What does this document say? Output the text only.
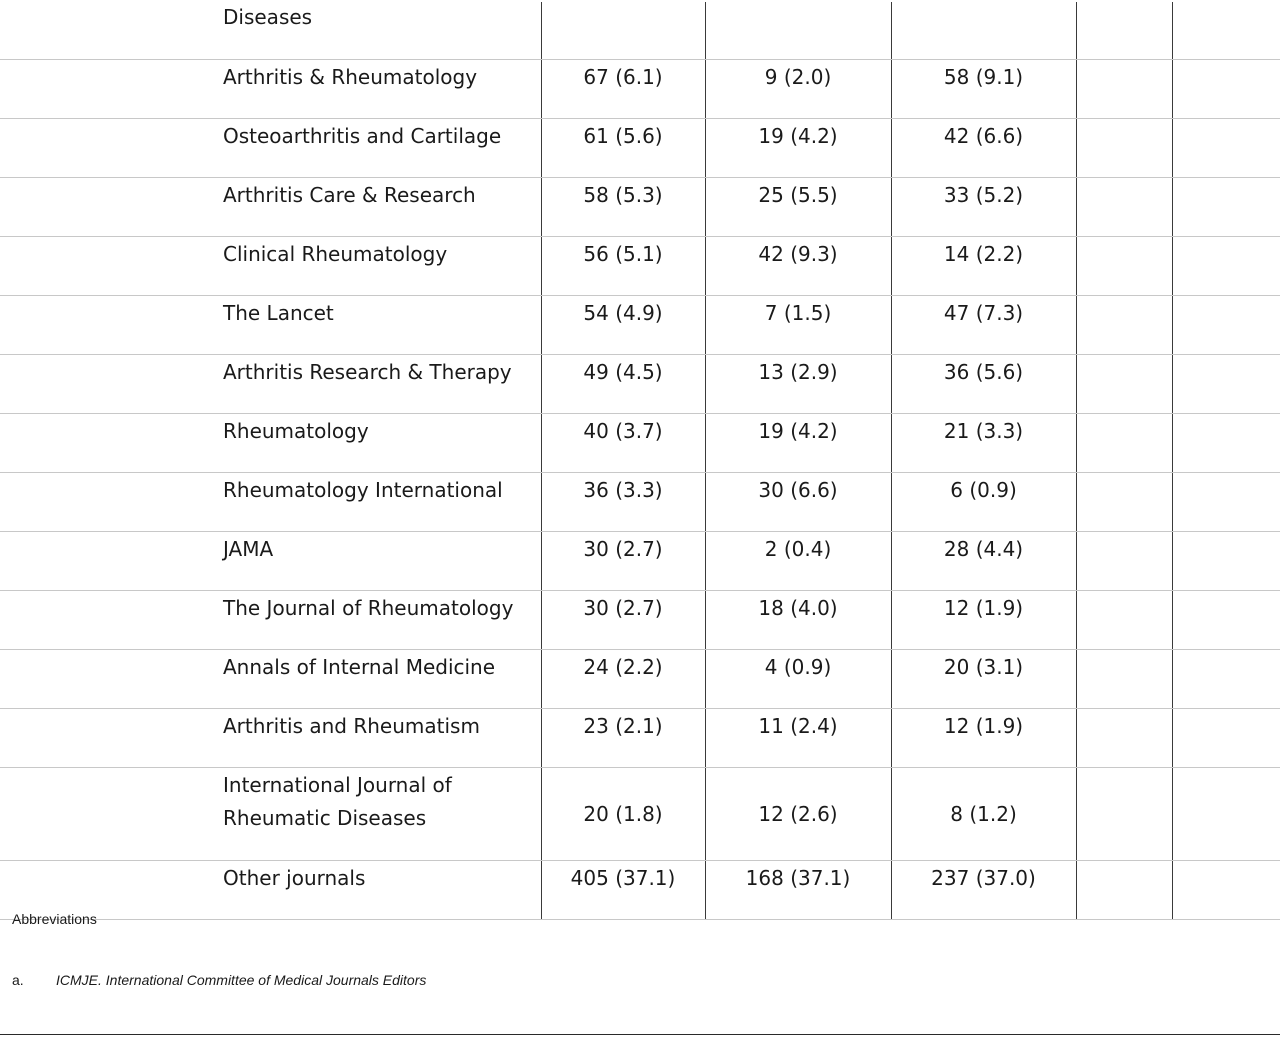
	Diseases					
	Arthritis & Rheumatology	67 (6.1)	9 (2.0)	58 (9.1)		
	Osteoarthritis and Cartilage	61 (5.6)	19 (4.2)	42 (6.6)		
	Arthritis Care & Research	58 (5.3)	25 (5.5)	33 (5.2)		
	Clinical Rheumatology	56 (5.1)	42 (9.3)	14 (2.2)		
	The Lancet	54 (4.9)	7 (1.5)	47 (7.3)		
	Arthritis Research & Therapy	49 (4.5)	13 (2.9)	36 (5.6)		
	Rheumatology	40 (3.7)	19 (4.2)	21 (3.3)		
	Rheumatology International	36 (3.3)	30 (6.6)	6 (0.9)		
	JAMA	30 (2.7)	2 (0.4)	28 (4.4)		
	The Journal of Rheumatology	30 (2.7)	18 (4.0)	12 (1.9)		
	Annals of Internal Medicine	24 (2.2)	4 (0.9)	20 (3.1)		
	Arthritis and Rheumatism	23 (2.1)	11 (2.4)	12 (1.9)		
	International Journal of Rheumatic Diseases	20 (1.8)	12 (2.6)	8 (1.2)		
	Other journals	405 (37.1)	168 (37.1)	237 (37.0)		
Abbreviations
a. ICMJE. International Committee of Medical Journals Editors
